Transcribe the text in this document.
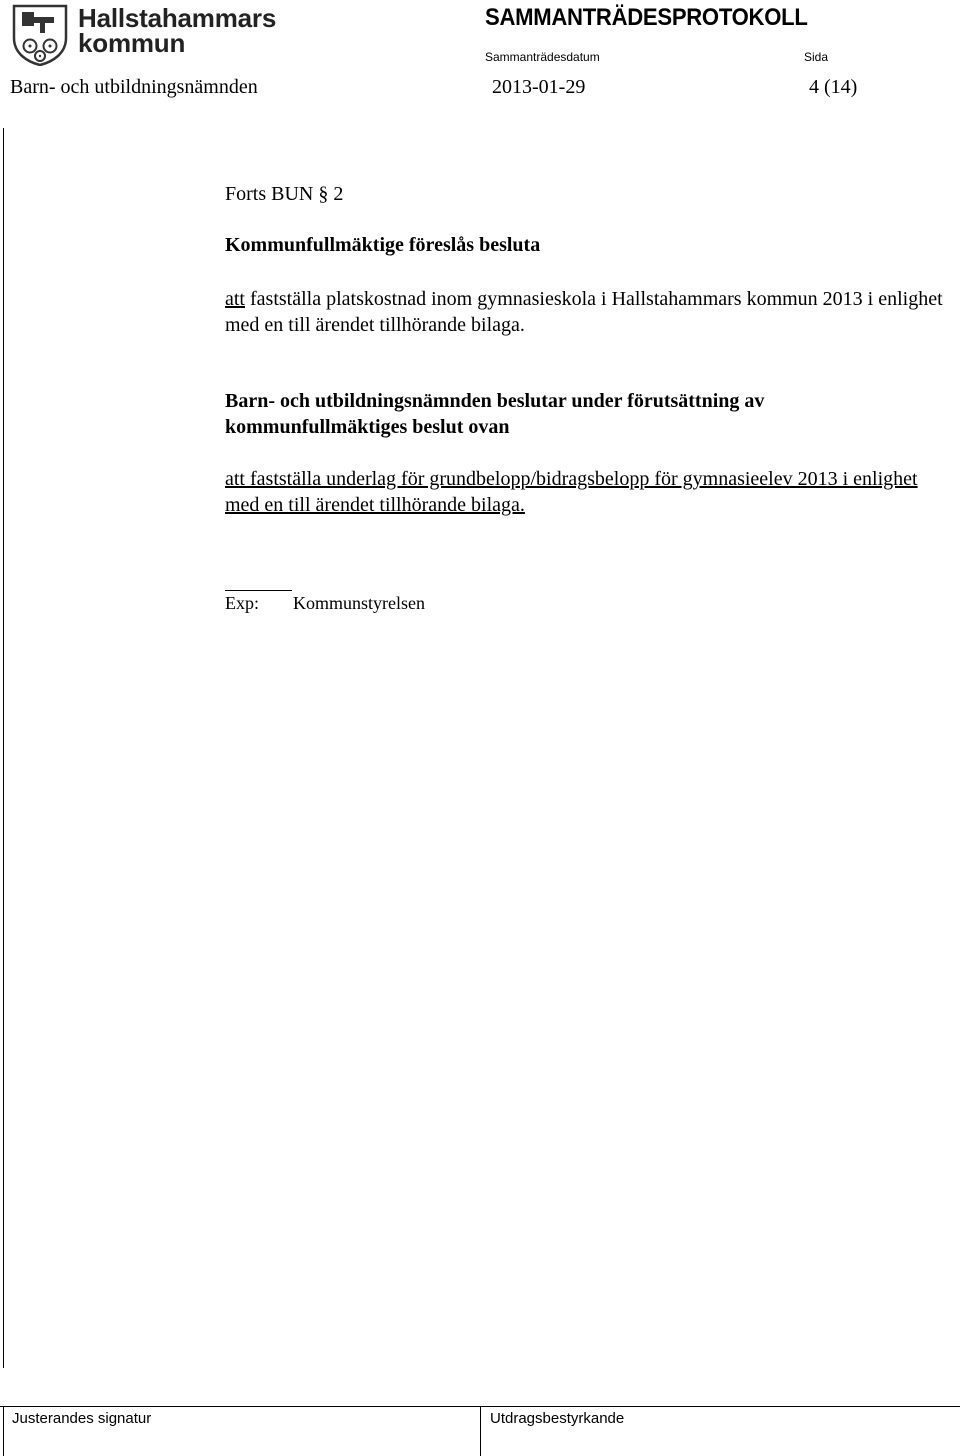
Hallstahammars
kommun
SAMMANTRÄDESPROTOKOLL
Sammanträdesdatum	Sida
Barn- och utbildningsnämnden	2013-01-29	4 (14)
Forts BUN § 2
Kommunfullmäktige föreslås besluta
att fastställa platskostnad inom gymnasieskola i Hallstahammars kommun 2013 i enlighet med en till ärendet tillhörande bilaga.
Barn- och utbildningsnämnden beslutar under förutsättning av kommunfullmäktiges beslut ovan
att fastställa underlag för grundbelopp/bidragsbelopp för gymnasieelev 2013 i enlighet med en till ärendet tillhörande bilaga.
Exp: Kommunstyrelsen
Justerandes signatur	Utdragsbestyrkande
